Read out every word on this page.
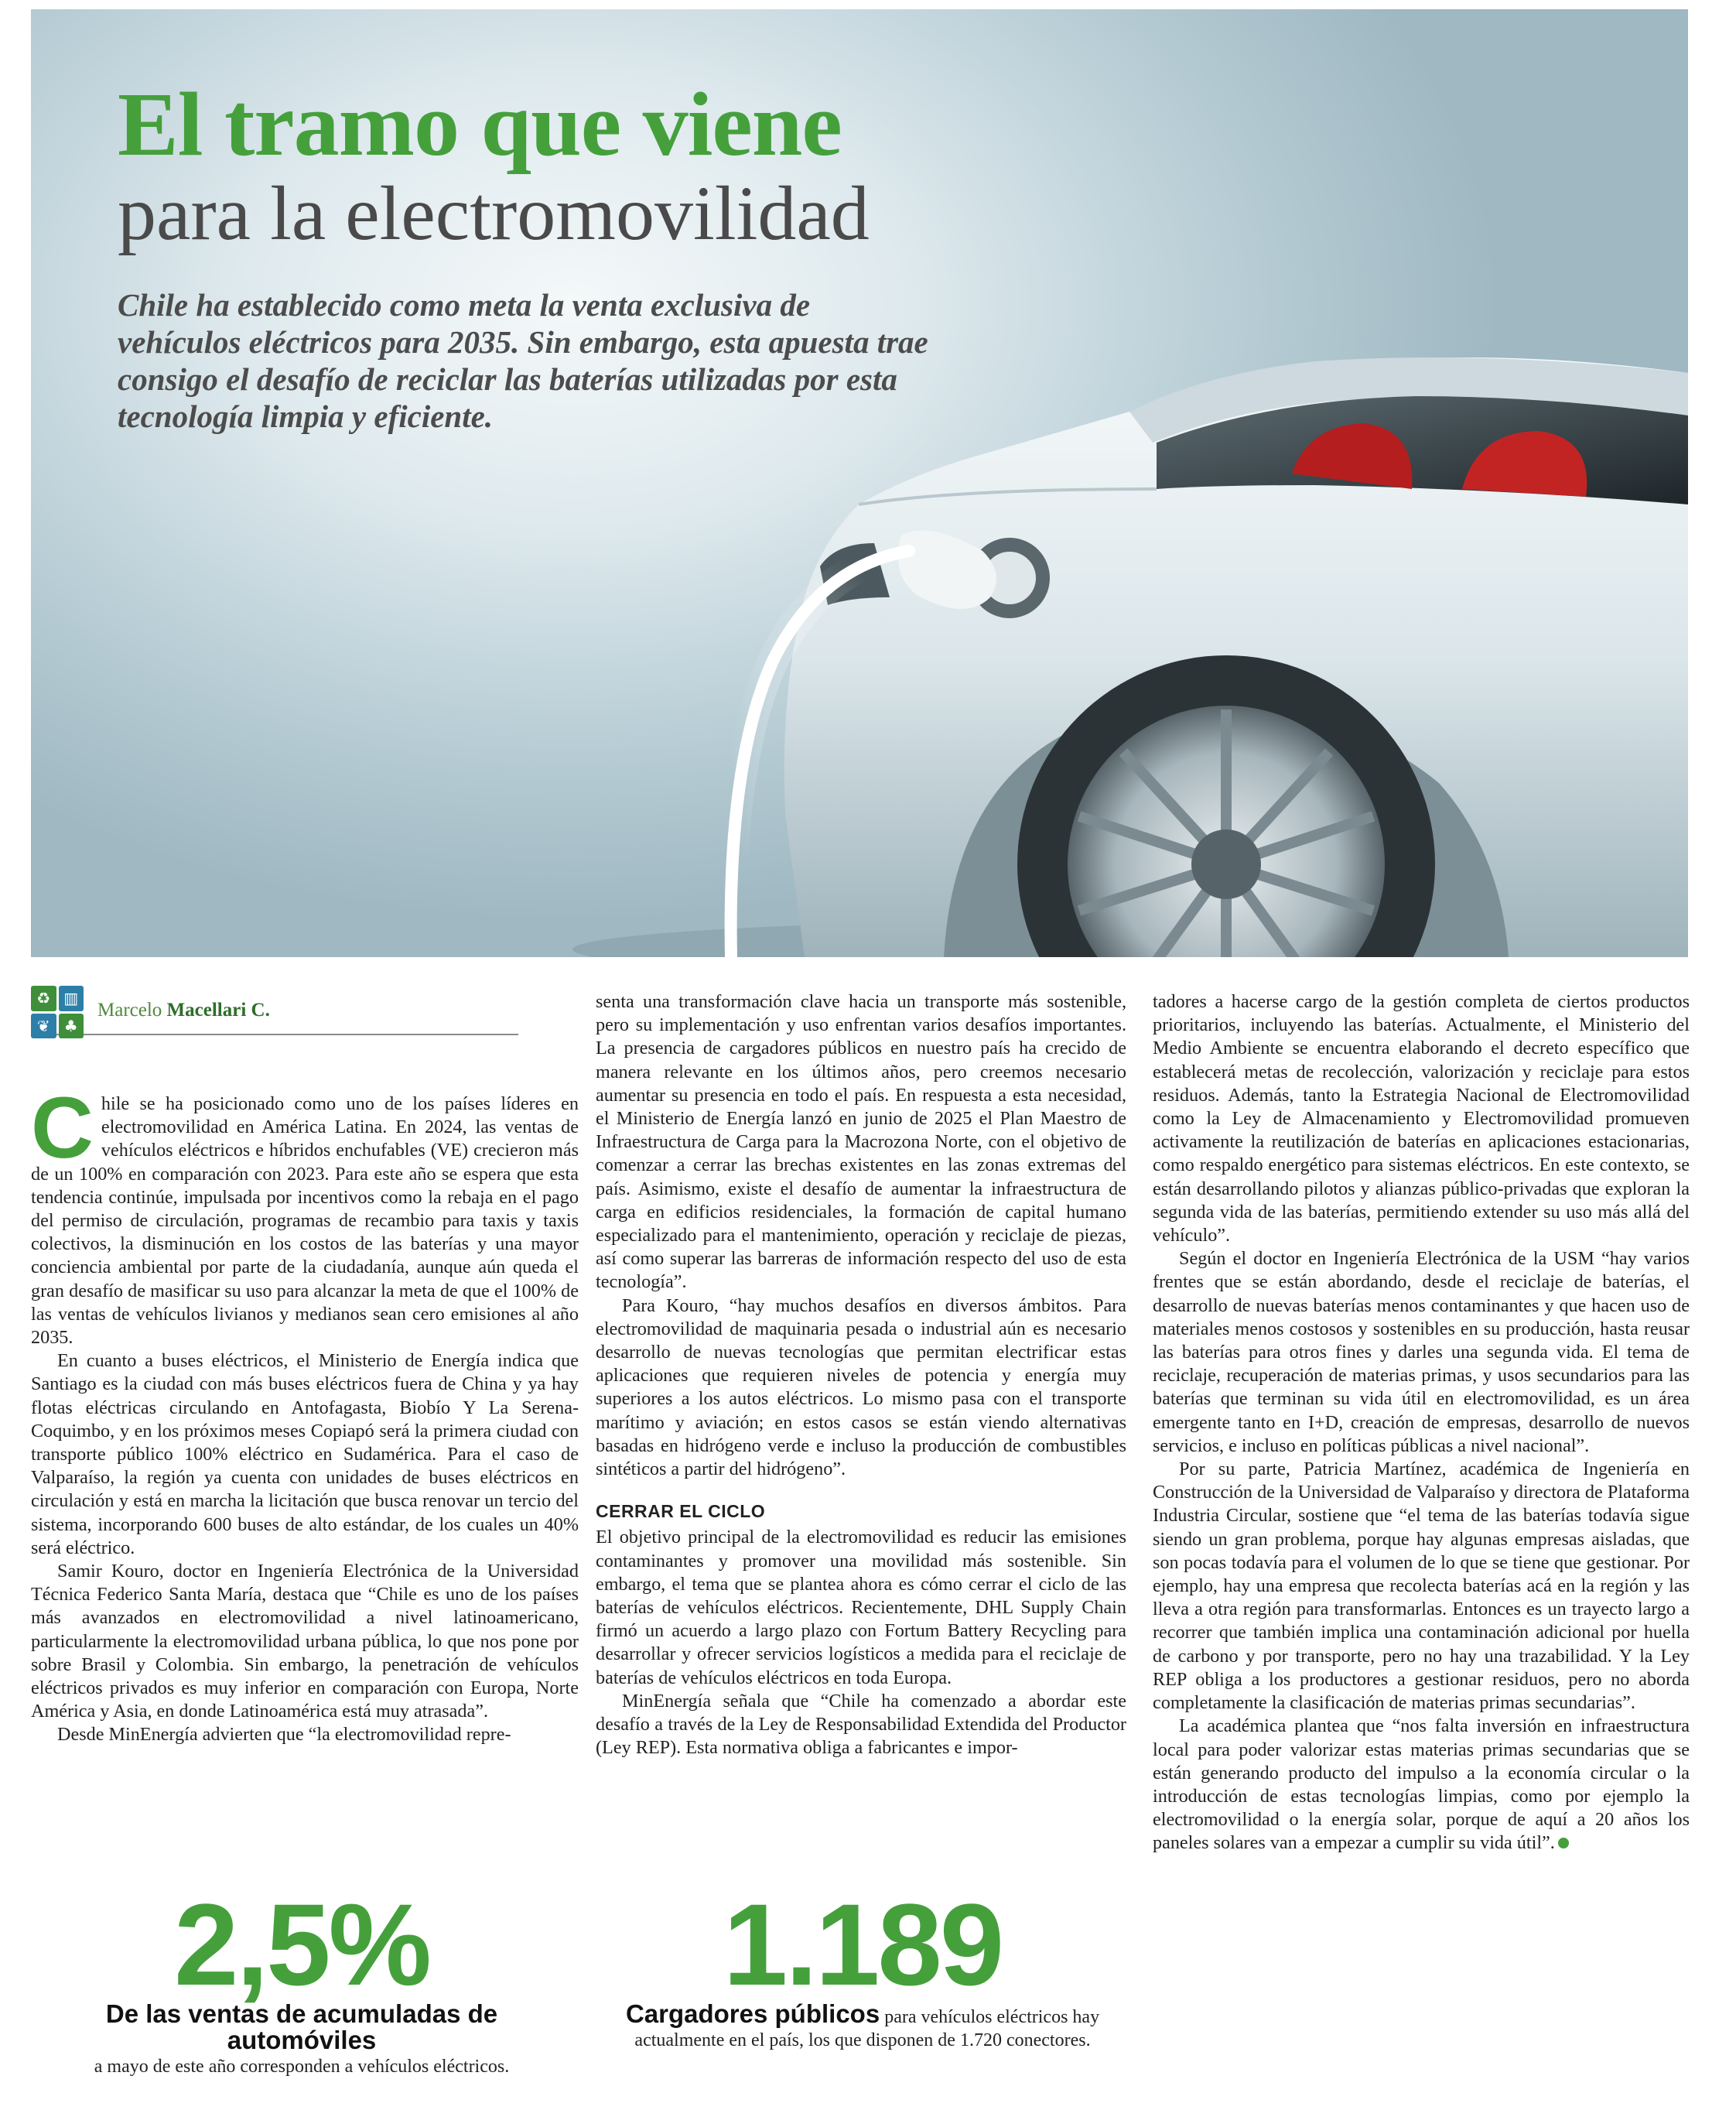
El tramo que viene
para la electromovilidad

Chile ha establecido como meta la venta exclusiva de vehículos eléctricos para 2035. Sin embargo, esta apuesta trae consigo el desafío de reciclar las baterías utilizadas por esta tecnología limpia y eficiente.

♻ ▥
❦ ♣
Marcelo Macellari C.

Chile se ha posicionado como uno de los países líderes en electromovilidad en América Latina. En 2024, las ventas de vehículos eléctricos e híbridos enchufables (VE) crecieron más de un 100% en comparación con 2023. Para este año se espera que esta tendencia continúe, impulsada por incentivos como la rebaja en el pago del permiso de circulación, programas de recambio para taxis y taxis colectivos, la disminución en los costos de las baterías y una mayor conciencia ambiental por parte de la ciudadanía, aunque aún queda el gran desafío de masificar su uso para alcanzar la meta de que el 100% de las ventas de vehículos livianos y medianos sean cero emisiones al año 2035.

En cuanto a buses eléctricos, el Ministerio de Energía indica que Santiago es la ciudad con más buses eléctricos fuera de China y ya hay flotas eléctricas circulando en Antofagasta, Biobío Y La Serena-Coquimbo, y en los próximos meses Copiapó será la primera ciudad con transporte público 100% eléctrico en Sudamérica. Para el caso de Valparaíso, la región ya cuenta con unidades de buses eléctricos en circulación y está en marcha la licitación que busca renovar un tercio del sistema, incorporando 600 buses de alto estándar, de los cuales un 40% será eléctrico.

Samir Kouro, doctor en Ingeniería Electrónica de la Universidad Técnica Federico Santa María, destaca que “Chile es uno de los países más avanzados en electromovilidad a nivel latinoamericano, particularmente la electromovilidad urbana pública, lo que nos pone por sobre Brasil y Colombia. Sin embargo, la penetración de vehículos eléctricos privados es muy inferior en comparación con Europa, Norte América y Asia, en donde Latinoamérica está muy atrasada”.

Desde MinEnergía advierten que “la electromovilidad repre-

senta una transformación clave hacia un transporte más sostenible, pero su implementación y uso enfrentan varios desafíos importantes. La presencia de cargadores públicos en nuestro país ha crecido de manera relevante en los últimos años, pero creemos necesario aumentar su presencia en todo el país. En respuesta a esta necesidad, el Ministerio de Energía lanzó en junio de 2025 el Plan Maestro de Infraestructura de Carga para la Macrozona Norte, con el objetivo de comenzar a cerrar las brechas existentes en las zonas extremas del país. Asimismo, existe el desafío de aumentar la infraestructura de carga en edificios residenciales, la formación de capital humano especializado para el mantenimiento, operación y reciclaje de piezas, así como superar las barreras de información respecto del uso de esta tecnología”.

Para Kouro, “hay muchos desafíos en diversos ámbitos. Para electromovilidad de maquinaria pesada o industrial aún es necesario desarrollo de nuevas tecnologías que permitan electrificar estas aplicaciones que requieren niveles de potencia y energía muy superiores a los autos eléctricos. Lo mismo pasa con el transporte marítimo y aviación; en estos casos se están viendo alternativas basadas en hidrógeno verde e incluso la producción de combustibles sintéticos a partir del hidrógeno”.

CERRAR EL CICLO

El objetivo principal de la electromovilidad es reducir las emisiones contaminantes y promover una movilidad más sostenible. Sin embargo, el tema que se plantea ahora es cómo cerrar el ciclo de las baterías de vehículos eléctricos. Recientemente, DHL Supply Chain firmó un acuerdo a largo plazo con Fortum Battery Recycling para desarrollar y ofrecer servicios logísticos a medida para el reciclaje de baterías de vehículos eléctricos en toda Europa.

MinEnergía señala que “Chile ha comenzado a abordar este desafío a través de la Ley de Responsabilidad Extendida del Productor (Ley REP). Esta normativa obliga a fabricantes e impor-

tadores a hacerse cargo de la gestión completa de ciertos productos prioritarios, incluyendo las baterías. Actualmente, el Ministerio del Medio Ambiente se encuentra elaborando el decreto específico que establecerá metas de recolección, valorización y reciclaje para estos residuos. Además, tanto la Estrategia Nacional de Electromovilidad como la Ley de Almacenamiento y Electromovilidad promueven activamente la reutilización de baterías en aplicaciones estacionarias, como respaldo energético para sistemas eléctricos. En este contexto, se están desarrollando pilotos y alianzas público-privadas que exploran la segunda vida de las baterías, permitiendo extender su uso más allá del vehículo”.

Según el doctor en Ingeniería Electrónica de la USM “hay varios frentes que se están abordando, desde el reciclaje de baterías, el desarrollo de nuevas baterías menos contaminantes y que hacen uso de materiales menos costosos y sostenibles en su producción, hasta reusar las baterías para otros fines y darles una segunda vida. El tema de reciclaje, recuperación de materias primas, y usos secundarios para las baterías que terminan su vida útil en electromovilidad, es un área emergente tanto en I+D, creación de empresas, desarrollo de nuevos servicios, e incluso en políticas públicas a nivel nacional”.

Por su parte, Patricia Martínez, académica de Ingeniería en Construcción de la Universidad de Valparaíso y directora de Plataforma Industria Circular, sostiene que “el tema de las baterías todavía sigue siendo un gran problema, porque hay algunas empresas aisladas, que son pocas todavía para el volumen de lo que se tiene que gestionar. Por ejemplo, hay una empresa que recolecta baterías acá en la región y las lleva a otra región para transformarlas. Entonces es un trayecto largo a recorrer que también implica una contaminación adicional por huella de carbono y por transporte, pero no hay una trazabilidad. Y la Ley REP obliga a los productores a gestionar residuos, pero no aborda completamente la clasificación de materias primas secundarias”.

La académica plantea que “nos falta inversión en infraestructura local para poder valorizar estas materias primas secundarias que se están generando producto del impulso a la economía circular o la introducción de estas tecnologías limpias, como por ejemplo la electromovilidad o la energía solar, porque de aquí a 20 años los paneles solares van a empezar a cumplir su vida útil”.

2,5%
De las ventas de acumuladas de automóviles
a mayo de este año corresponden a vehículos eléctricos.
1.189
Cargadores públicos para vehículos eléctricos hay actualmente en el país, los que disponen de 1.720 conectores.
